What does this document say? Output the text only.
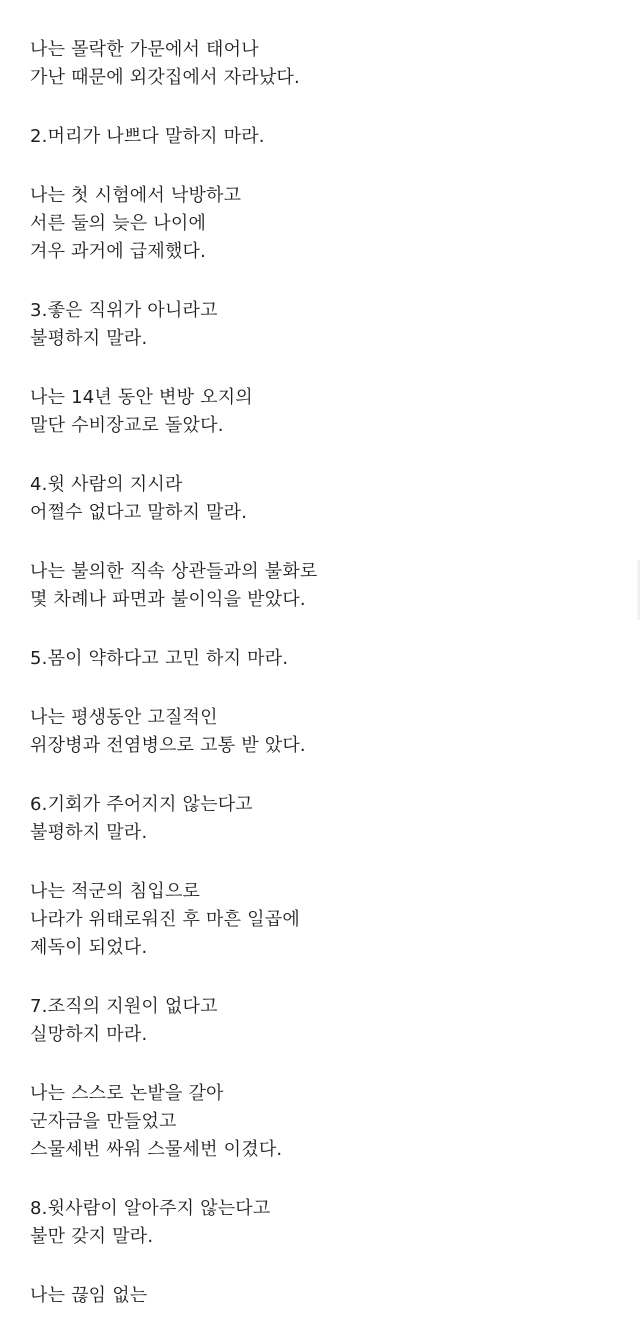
나는 몰락한 가문에서 태어나
가난 때문에 외갓집에서 자라났다.
2.머리가 나쁘다 말하지 마라.
나는 첫 시험에서 낙방하고
서른 둘의 늦은 나이에
겨우 과거에 급제했다.
3.좋은 직위가 아니라고
불평하지 말라.
나는 14년 동안 변방 오지의
말단 수비장교로 돌았다.
4.윗 사람의 지시라
어쩔수 없다고 말하지 말라.
나는 불의한 직속 상관들과의 불화로
몇 차례나 파면과 불이익을 받았다.
5.몸이 약하다고 고민 하지 마라.
나는 평생동안 고질적인
위장병과 전염병으로 고통 받 았다.
6.기회가 주어지지 않는다고
불평하지 말라.
나는 적군의 침입으로
나라가 위태로워진 후 마흔 일곱에
제독이 되었다.
7.조직의 지원이 없다고
실망하지 마라.
나는 스스로 논밭을 갈아
군자금을 만들었고
스물세번 싸워 스물세번 이겼다.
8.윗사람이 알아주지 않는다고
불만 갖지 말라.
나는 끊임 없는
